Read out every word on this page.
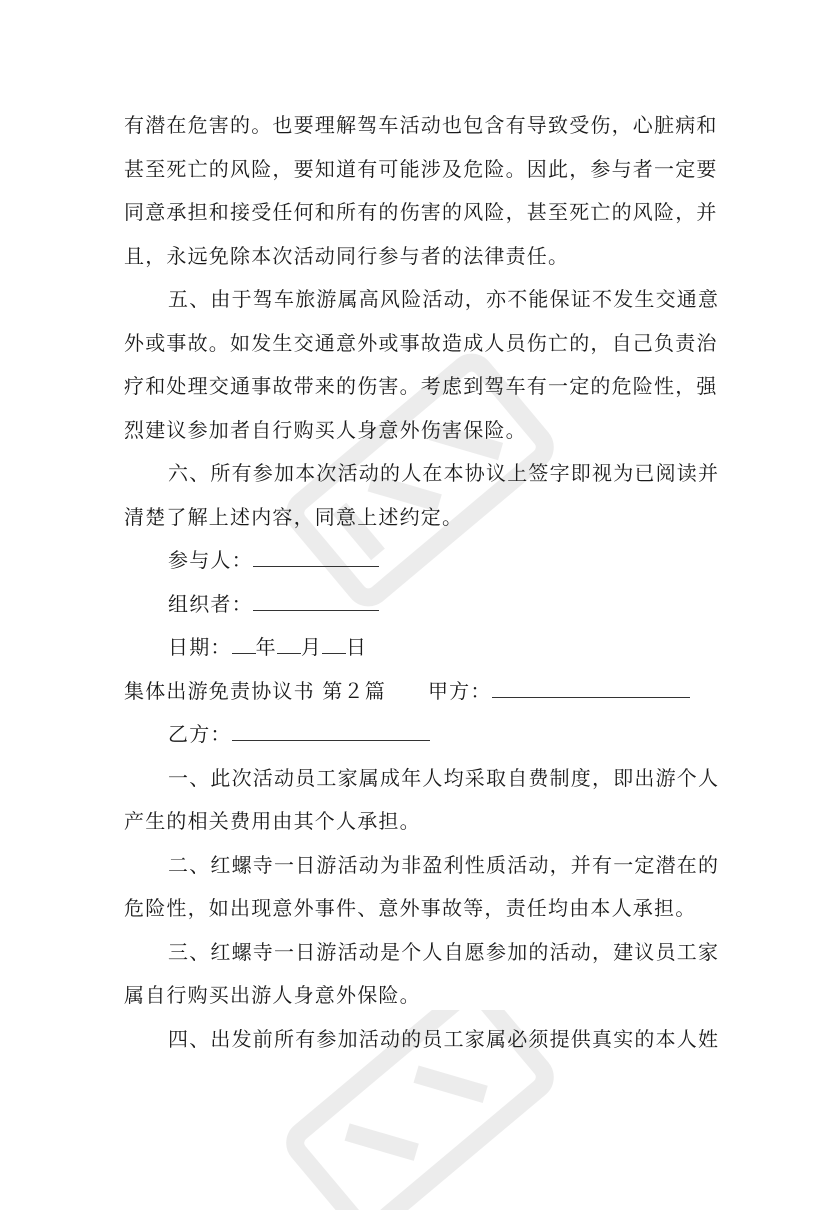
有潜在危害的。也要理解驾车活动也包含有导致受伤，心脏病和

甚至死亡的风险，要知道有可能涉及危险。因此，参与者一定要

同意承担和接受任何和所有的伤害的风险，甚至死亡的风险，并

且，永远免除本次活动同行参与者的法律责任。

五、由于驾车旅游属高风险活动，亦不能保证不发生交通意

外或事故。如发生交通意外或事故造成人员伤亡的，自己负责治

疗和处理交通事故带来的伤害。考虑到驾车有一定的危险性，强

烈建议参加者自行购买人身意外伤害保险。

六、所有参加本次活动的人在本协议上签字即视为已阅读并

清楚了解上述内容，同意上述约定。

参与人：

组织者：

日期： 年 月 日

集体出游免责协议书 第２篇 甲方：

乙方：

一、此次活动员工家属成年人均采取自费制度，即出游个人

产生的相关费用由其个人承担。

二、红螺寺一日游活动为非盈利性质活动，并有一定潜在的

危险性，如出现意外事件、意外事故等，责任均由本人承担。

三、红螺寺一日游活动是个人自愿参加的活动，建议员工家

属自行购买出游人身意外保险。

四、出发前所有参加活动的员工家属必须提供真实的本人姓
